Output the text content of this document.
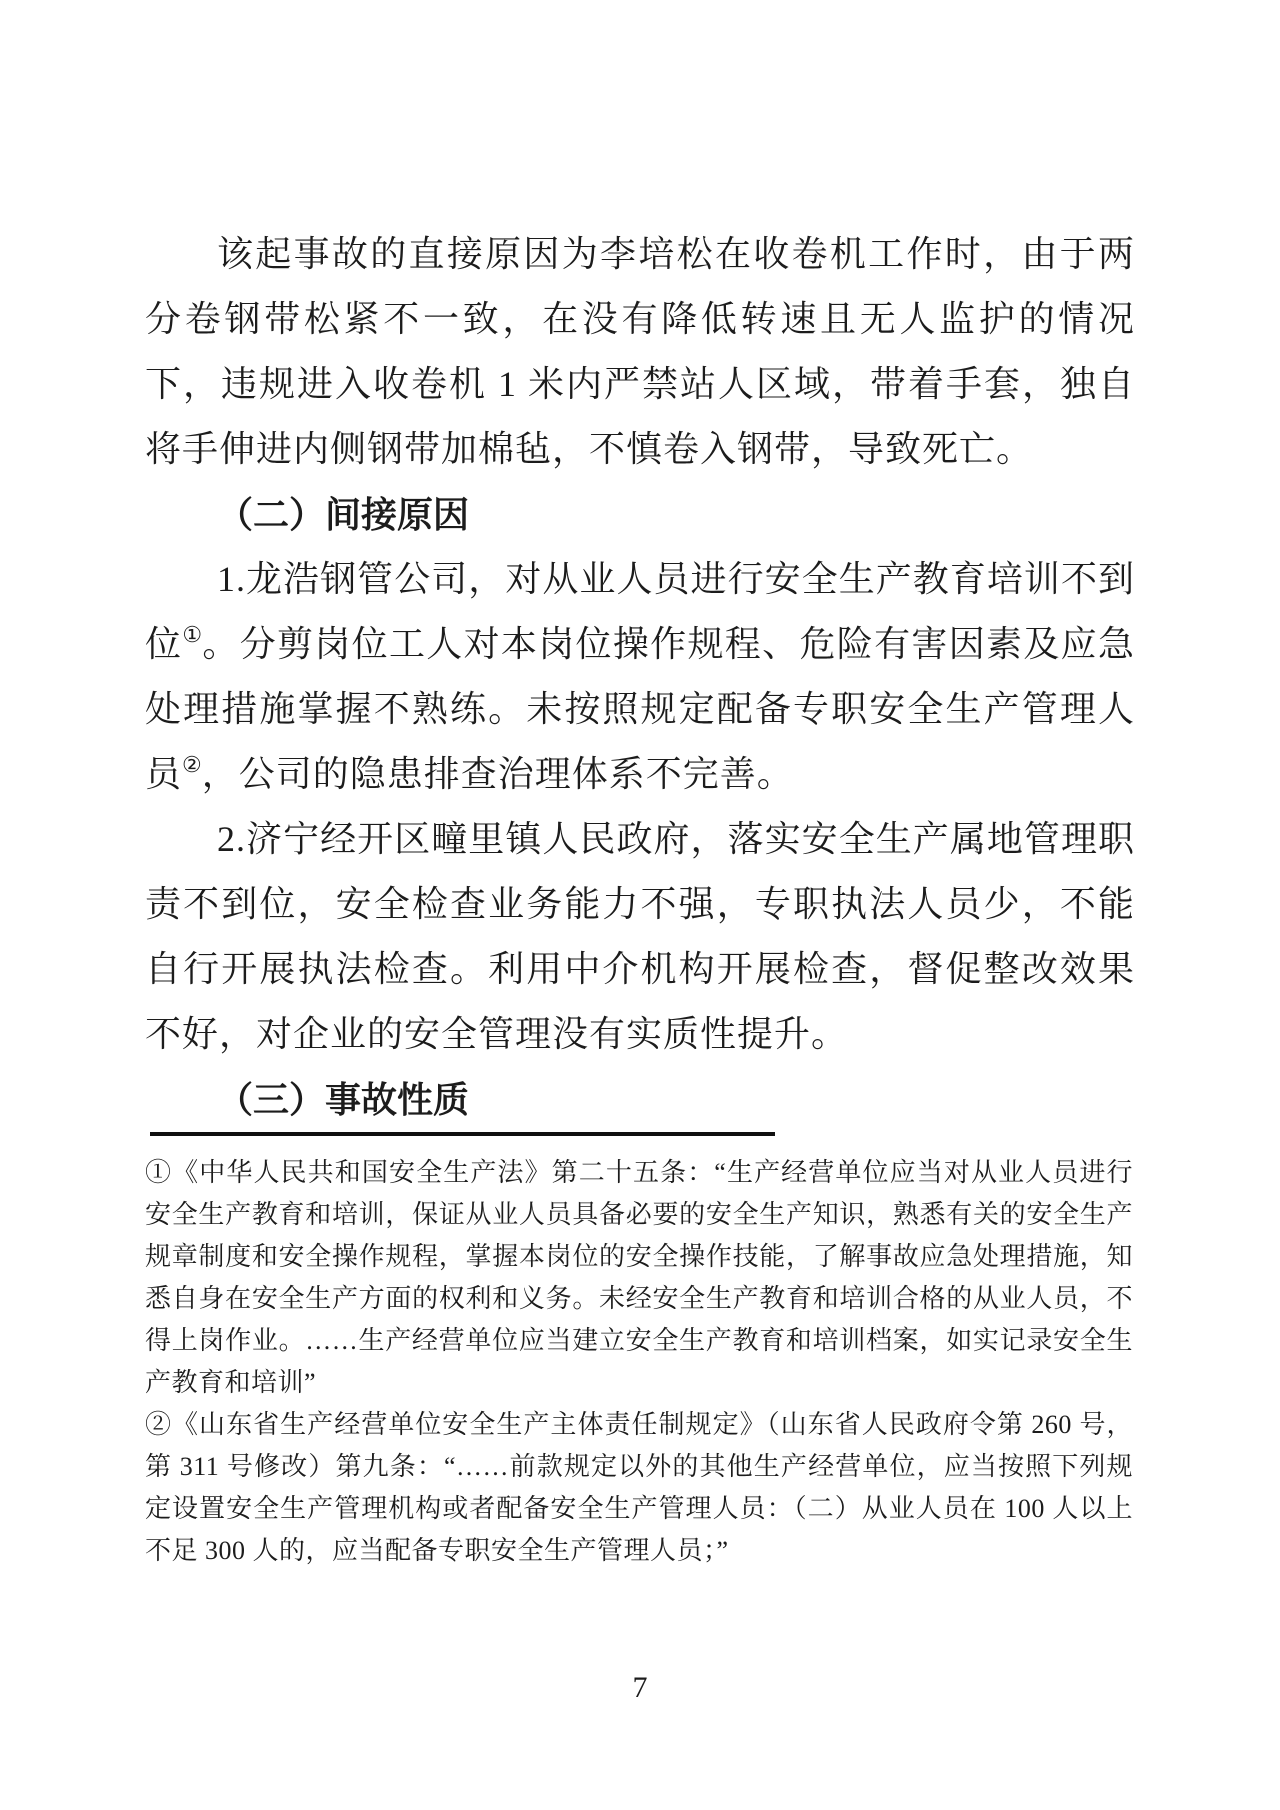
该起事故的直接原因为李培松在收卷机工作时，由于两分卷钢带松紧不一致，在没有降低转速且无人监护的情况下，违规进入收卷机 1 米内严禁站人区域，带着手套，独自将手伸进内侧钢带加棉毡，不慎卷入钢带，导致死亡。

（二）间接原因

1.龙浩钢管公司，对从业人员进行安全生产教育培训不到位①。分剪岗位工人对本岗位操作规程、危险有害因素及应急处理措施掌握不熟练。未按照规定配备专职安全生产管理人员②，公司的隐患排查治理体系不完善。

2.济宁经开区疃里镇人民政府，落实安全生产属地管理职责不到位，安全检查业务能力不强，专职执法人员少，不能自行开展执法检查。利用中介机构开展检查，督促整改效果不好，对企业的安全管理没有实质性提升。

（三）事故性质

①《中华人民共和国安全生产法》第二十五条：“生产经营单位应当对从业人员进行安全生产教育和培训，保证从业人员具备必要的安全生产知识，熟悉有关的安全生产规章制度和安全操作规程，掌握本岗位的安全操作技能，了解事故应急处理措施，知悉自身在安全生产方面的权利和义务。未经安全生产教育和培训合格的从业人员，不得上岗作业。……生产经营单位应当建立安全生产教育和培训档案，如实记录安全生产教育和培训”

②《山东省生产经营单位安全生产主体责任制规定》（山东省人民政府令第 260 号，第 311 号修改）第九条：“……前款规定以外的其他生产经营单位，应当按照下列规定设置安全生产管理机构或者配备安全生产管理人员：（二）从业人员在 100 人以上不足 300 人的，应当配备专职安全生产管理人员；”

7
